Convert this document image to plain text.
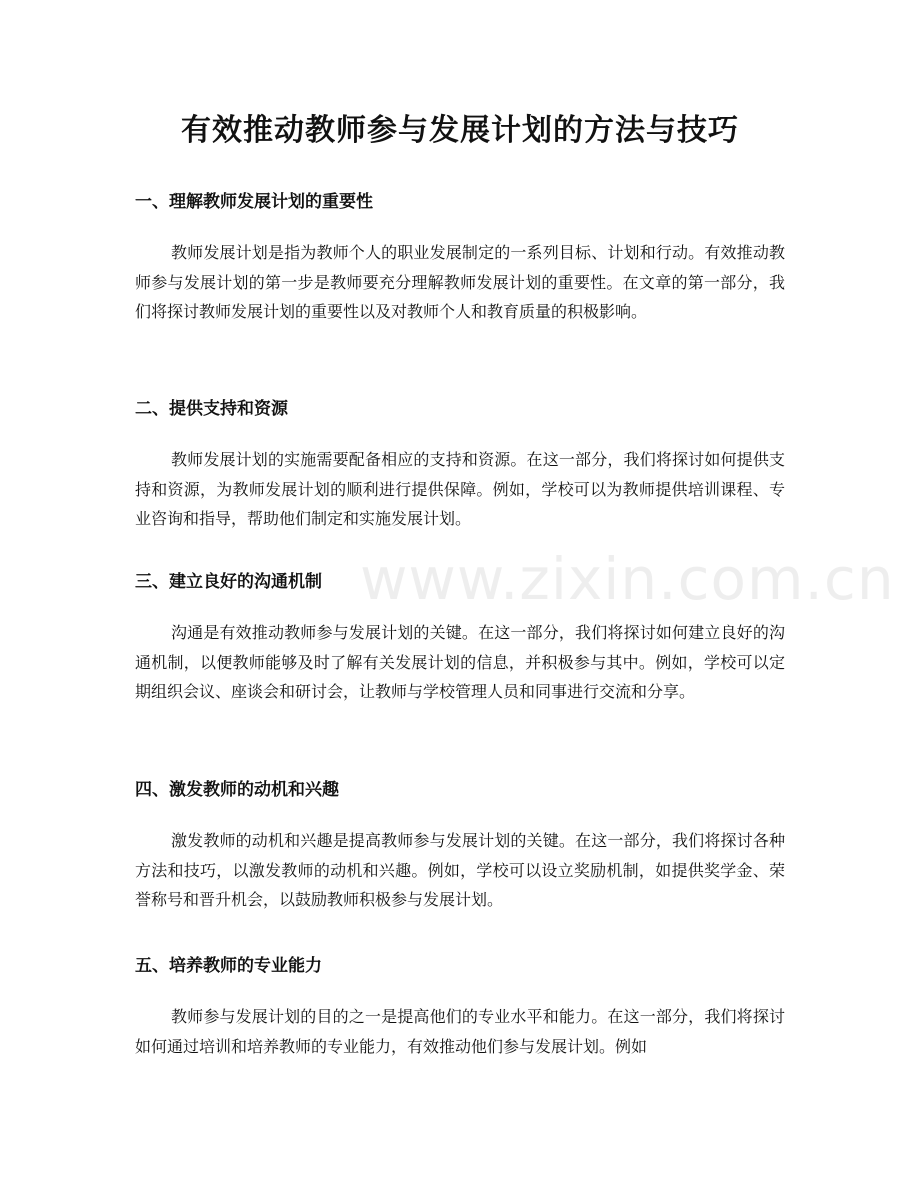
www.zixin.com.cn
有效推动教师参与发展计划的方法与技巧
一、理解教师发展计划的重要性

教师发展计划是指为教师个人的职业发展制定的一系列目标、计划和行动。有效推动教师参与发展计划的第一步是教师要充分理解教师发展计划的重要性。在文章的第一部分，我们将探讨教师发展计划的重要性以及对教师个人和教育质量的积极影响。

二、提供支持和资源

教师发展计划的实施需要配备相应的支持和资源。在这一部分，我们将探讨如何提供支持和资源，为教师发展计划的顺利进行提供保障。例如，学校可以为教师提供培训课程、专业咨询和指导，帮助他们制定和实施发展计划。

三、建立良好的沟通机制

沟通是有效推动教师参与发展计划的关键。在这一部分，我们将探讨如何建立良好的沟通机制，以便教师能够及时了解有关发展计划的信息，并积极参与其中。例如，学校可以定期组织会议、座谈会和研讨会，让教师与学校管理人员和同事进行交流和分享。

四、激发教师的动机和兴趣

激发教师的动机和兴趣是提高教师参与发展计划的关键。在这一部分，我们将探讨各种方法和技巧，以激发教师的动机和兴趣。例如，学校可以设立奖励机制，如提供奖学金、荣誉称号和晋升机会，以鼓励教师积极参与发展计划。

五、培养教师的专业能力

教师参与发展计划的目的之一是提高他们的专业水平和能力。在这一部分，我们将探讨如何通过培训和培养教师的专业能力，有效推动他们参与发展计划。例如
